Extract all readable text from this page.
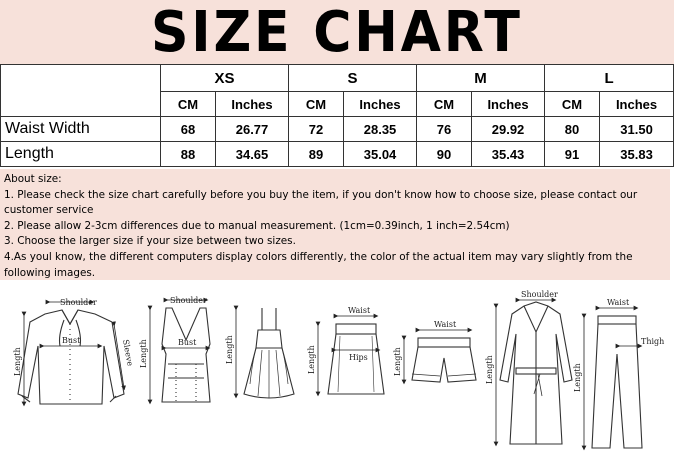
SIZE CHART
	XS		S		M		L	
	CM	Inches	CM	Inches	CM	Inches	CM	Inches
Waist Width	68	26.77	72	28.35	76	29.92	80	31.50
Length	88	34.65	89	35.04	90	35.43	91	35.83

About size:

1. Please check the size chart carefully before you buy the item, if you don't know how to choose size, please contact our customer service

2. Please allow 2-3cm differences due to manual measurement. (1cm=0.39inch, 1 inch=2.54cm)

3. Choose the larger size if your size between two sizes.

4.As youl know, the different computers display colors differently, the color of the actual item may vary slightly from the following images.

Shoulder
Bust
Length	Sleeve
Shoulder
Bust
Length	Length
Waist
Hips
Length
Waist
Length
Shoulder
Length
Waist
Thigh
Length
